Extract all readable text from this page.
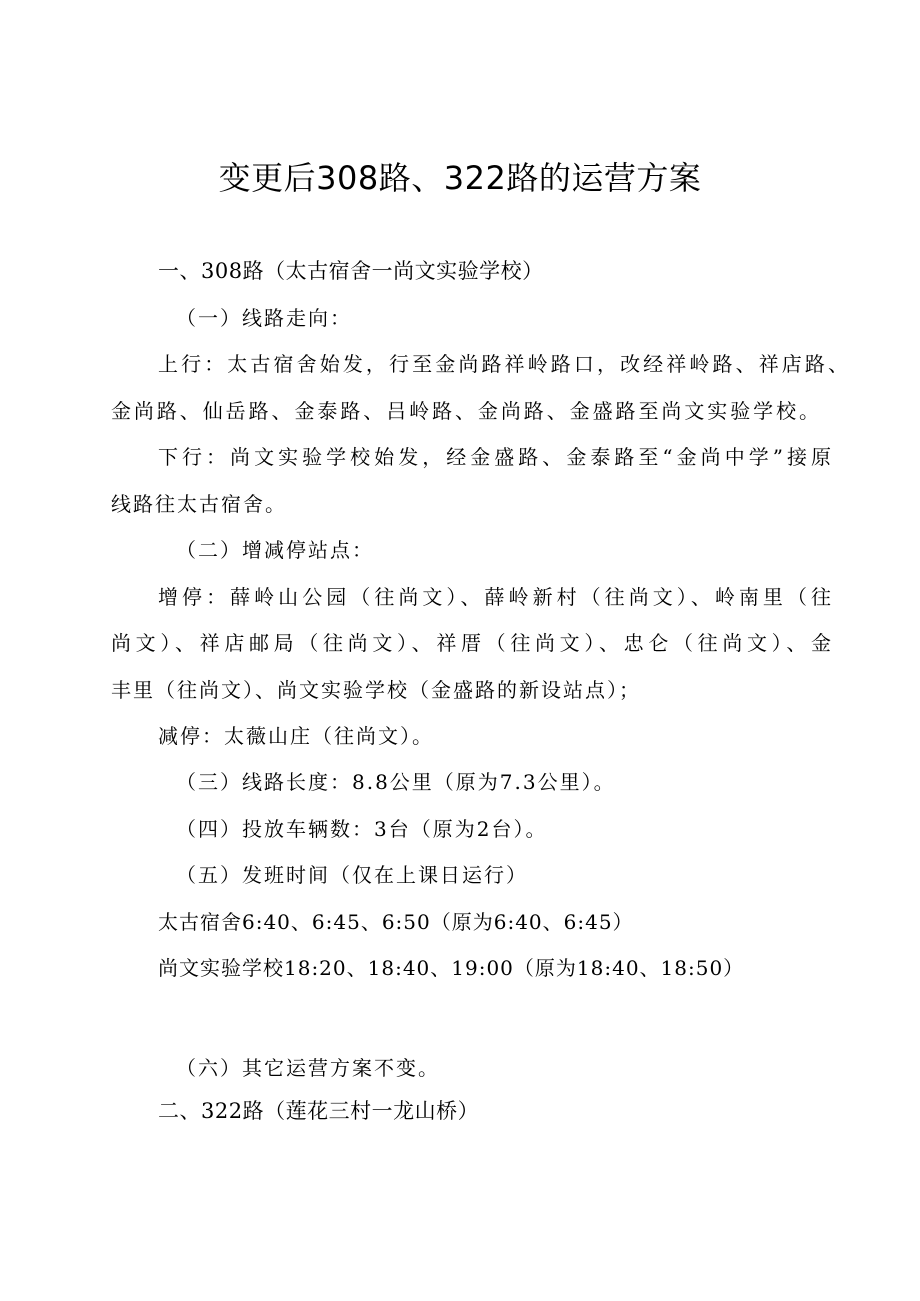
变更后308路、322路的运营方案
一、308路（太古宿舍一尚文实验学校）
（一）线路走向：
上行：太古宿舍始发，行至金尚路祥岭路口，改经祥岭路、祥店路、
金尚路、仙岳路、金泰路、吕岭路、金尚路、金盛路至尚文实验学校。
下行：尚文实验学校始发，经金盛路、金泰路至“金尚中学”接原
线路往太古宿舍。
（二）增减停站点：
增停：薛岭山公园（往尚文）、薛岭新村（往尚文）、岭南里（往
尚文）、祥店邮局（往尚文）、祥厝（往尚文）、忠仑（往尚文）、金
丰里（往尚文）、尚文实验学校（金盛路的新设站点）；
减停：太薇山庄（往尚文）。
（三）线路长度：8.8公里（原为7.3公里）。
（四）投放车辆数：3台（原为2台）。
（五）发班时间（仅在上课日运行）
太古宿舍6:40、6:45、6:50（原为6:40、6:45）
尚文实验学校18:20、18:40、19:00（原为18:40、18:50）
（六）其它运营方案不变。
二、322路（莲花三村一龙山桥）
